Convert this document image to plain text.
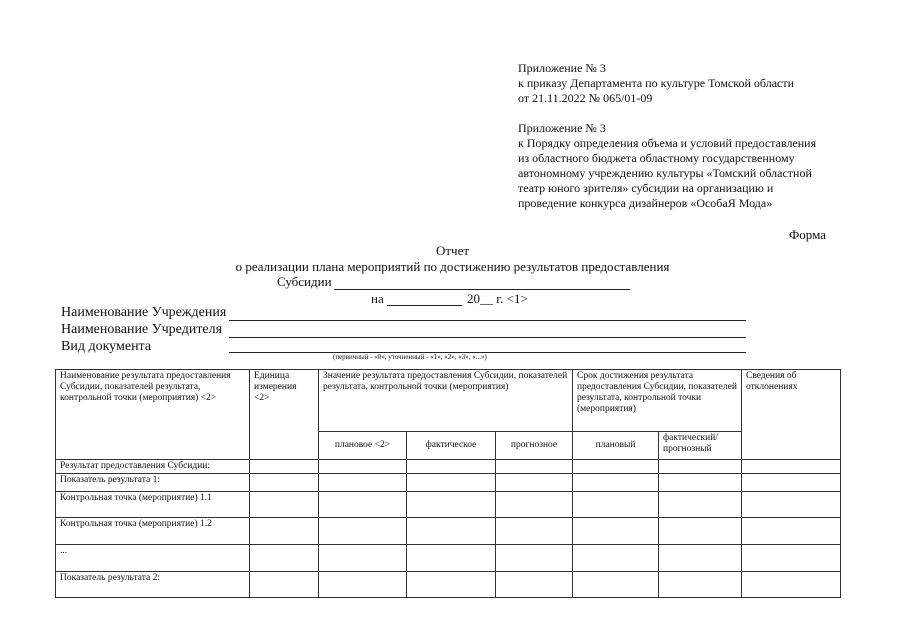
Приложение № 3
к приказу Департамента по культуре Томской области
от 21.11.2022 № 065/01-09
Приложение № 3
к Порядку определения объема и условий предоставления
из областного бюджета областному государственному
автономному учреждению культуры «Томский областной
театр юного зрителя» субсидии на организацию и
проведение конкурса дизайнеров «ОсобаЯ Мода»
Форма
Отчет
о реализации плана мероприятий по достижению результатов предоставления
Субсидии
на	20__ г. <1>
Наименование Учреждения
Наименование Учредителя
Вид документа
(первичный - «0», уточненный - «1», «2», «3», «...»)
Наименование результата предоставления Субсидии, показателей результата, контрольной точки (мероприятия) <2>	Единица измерения <2>	Значение результата предоставления Субсидии, показателей результата, контрольной точки (мероприятия)			Срок достижения результата предоставления Субсидии, показателей результата, контрольной точки (мероприятия)		Сведения об отклонениях
		плановое <2>	фактическое	прогнозное	плановый	фактический/ прогнозный	
Результат предоставления Субсидии:							
Показатель результата 1:							
Контрольная точка (мероприятие) 1.1							
Контрольная точка (мероприятие) 1.2							
...							
Показатель результата 2:							
